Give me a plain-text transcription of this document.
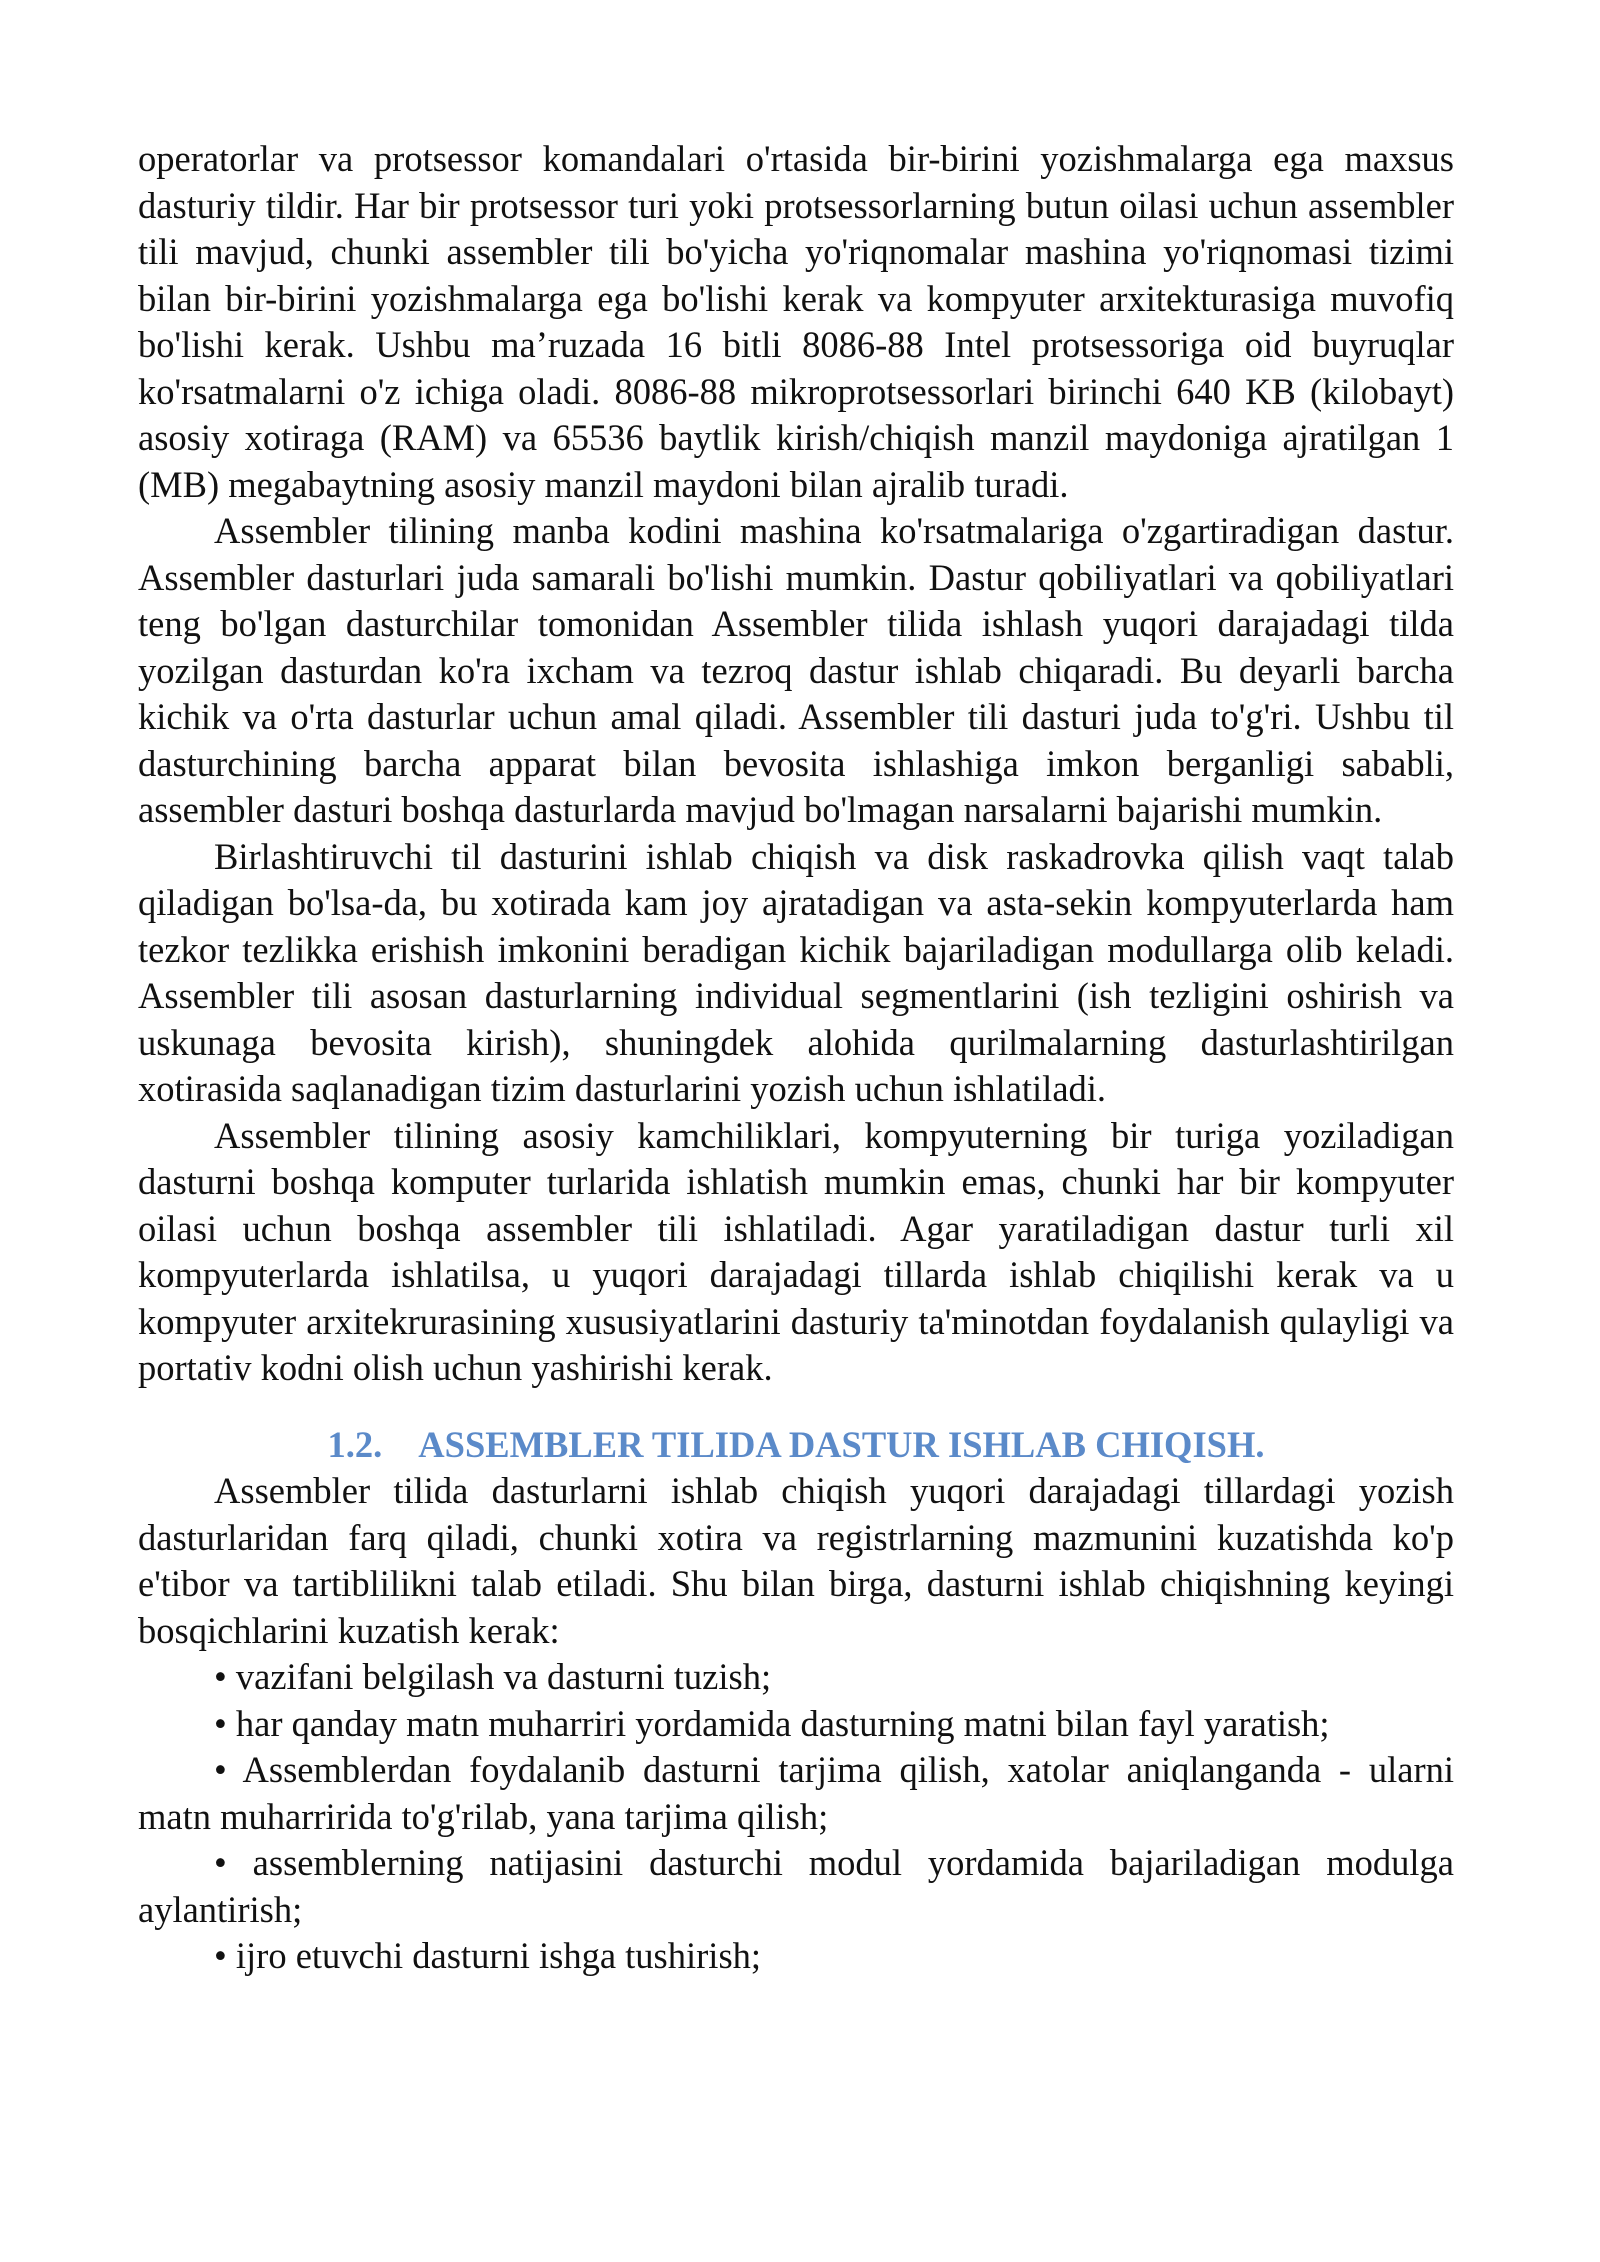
operatorlar va protsessor komandalari o'rtasida bir-birini yozishmalarga ega maxsus dasturiy tildir. Har bir protsessor turi yoki protsessorlarning butun oilasi uchun assembler tili mavjud, chunki assembler tili bo'yicha yo'riqnomalar mashina yo'riqnomasi tizimi bilan bir-birini yozishmalarga ega bo'lishi kerak va kompyuter arxitekturasiga muvofiq bo'lishi kerak. Ushbu ma’ruzada 16 bitli 8086-88 Intel protsessoriga oid buyruqlar ko'rsatmalarni o'z ichiga oladi. 8086-88 mikroprotsessorlari birinchi 640 KB (kilobayt) asosiy xotiraga (RAM) va 65536 baytlik kirish/chiqish manzil maydoniga ajratilgan 1 (MB) megabaytning asosiy manzil maydoni bilan ajralib turadi.

Assembler tilining manba kodini mashina ko'rsatmalariga o'zgartiradigan dastur. Assembler dasturlari juda samarali bo'lishi mumkin. Dastur qobiliyatlari va qobiliyatlari teng bo'lgan dasturchilar tomonidan Assembler tilida ishlash yuqori darajadagi tilda yozilgan dasturdan ko'ra ixcham va tezroq dastur ishlab chiqaradi. Bu deyarli barcha kichik va o'rta dasturlar uchun amal qiladi. Assembler tili dasturi juda to'g'ri. Ushbu til dasturchining barcha apparat bilan bevosita ishlashiga imkon berganligi sababli, assembler dasturi boshqa dasturlarda mavjud bo'lmagan narsalarni bajarishi mumkin.

Birlashtiruvchi til dasturini ishlab chiqish va disk raskadrovka qilish vaqt talab qiladigan bo'lsa-da, bu xotirada kam joy ajratadigan va asta-sekin kompyuterlarda ham tezkor tezlikka erishish imkonini beradigan kichik bajariladigan modullarga olib keladi. Assembler tili asosan dasturlarning individual segmentlarini (ish tezligini oshirish va uskunaga bevosita kirish), shuningdek alohida qurilmalarning dasturlashtirilgan xotirasida saqlanadigan tizim dasturlarini yozish uchun ishlatiladi.

Assembler tilining asosiy kamchiliklari, kompyuterning bir turiga yoziladigan dasturni boshqa komputer turlarida ishlatish mumkin emas, chunki har bir kompyuter oilasi uchun boshqa assembler tili ishlatiladi. Agar yaratiladigan dastur turli xil kompyuterlarda ishlatilsa, u yuqori darajadagi tillarda ishlab chiqilishi kerak va u kompyuter arxitekrurasining xususiyatlarini dasturiy ta'minotdan foydalanish qulayligi va portativ kodni olish uchun yashirishi kerak.

1.2. ASSEMBLER TILIDA DASTUR ISHLAB CHIQISH.

Assembler tilida dasturlarni ishlab chiqish yuqori darajadagi tillardagi yozish dasturlaridan farq qiladi, chunki xotira va registrlarning mazmunini kuzatishda ko'p e'tibor va tartiblilikni talab etiladi. Shu bilan birga, dasturni ishlab chiqishning keyingi bosqichlarini kuzatish kerak:

• vazifani belgilash va dasturni tuzish;

• har qanday matn muharriri yordamida dasturning matni bilan fayl yaratish;

• Assemblerdan foydalanib dasturni tarjima qilish, xatolar aniqlanganda - ularni matn muharririda to'g'rilab, yana tarjima qilish;

• assemblerning natijasini dasturchi modul yordamida bajariladigan modulga aylantirish;

• ijro etuvchi dasturni ishga tushirish;
